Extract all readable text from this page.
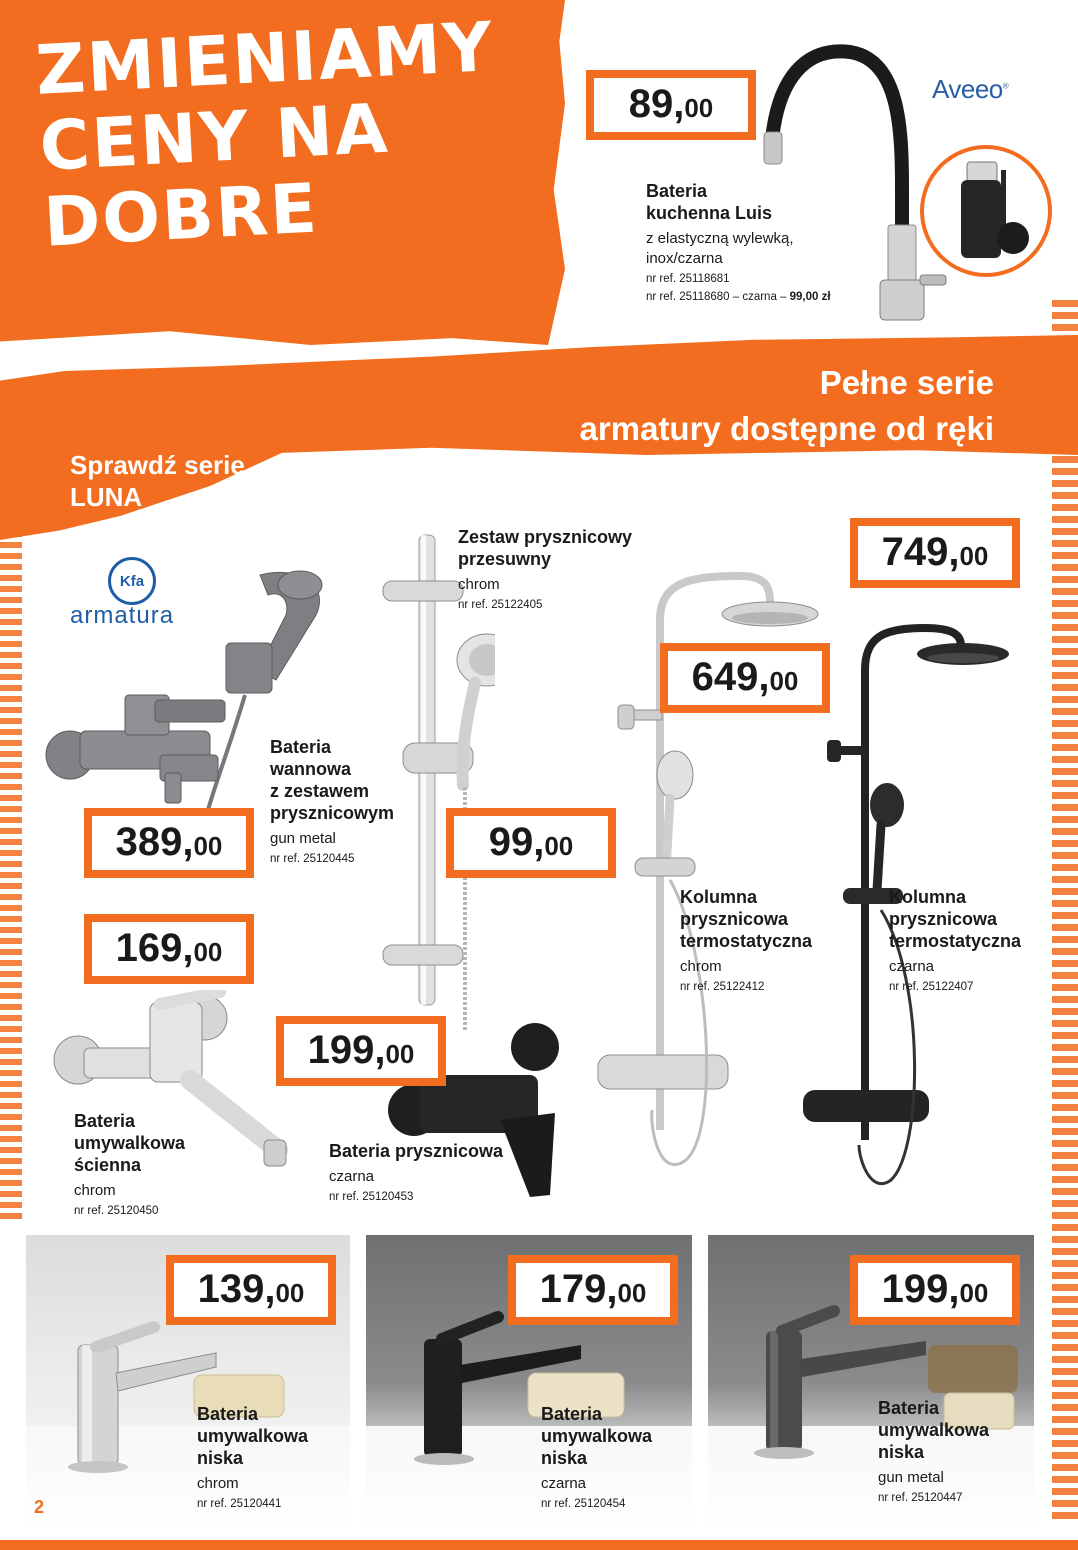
ZMIENIAMY
CENY NA
DOBRE
Pełne serie
armatury dostępne od ręki
Sprawdź serię
LUNA
Aveeo®
Kfa
armatura
89, 00
749, 00
649, 00
389, 00	99, 00
169, 00
199, 00
Bateria
kuchenna Luis
z elastyczną wylewką,
inox/czarna
nr ref. 25118681
nr ref. 25118680 – czarna – 99,00 zł
Bateria
wannowa
z zestawem
prysznicowym
gun metal
nr ref. 25120445
Zestaw prysznicowy
przesuwny
chrom
nr ref. 25122405
Kolumna
prysznicowa
termostatyczna
chrom
nr ref. 25122412
Kolumna
prysznicowa
termostatyczna
czarna
nr ref. 25122407
Bateria
umywalkowa
ścienna
chrom
nr ref. 25120450
Bateria prysznicowa
czarna
nr ref. 25120453
139, 00
Bateria
umywalkowa
niska
chrom
nr ref. 25120441
179, 00
Bateria
umywalkowa
niska
czarna
nr ref. 25120454
199, 00
Bateria
umywalkowa
niska
gun metal
nr ref. 25120447
2
